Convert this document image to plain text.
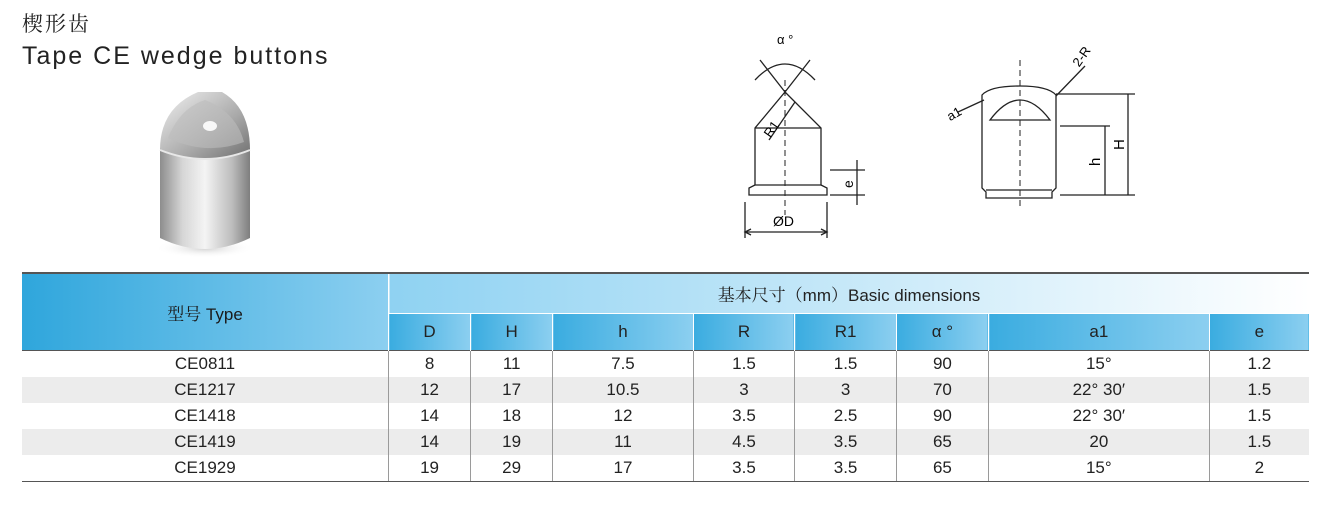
楔形齿
Tape CE wedge buttons
α °
R1
e
ØD
a1
2-R
h
H
型号 Type	基本尺寸（mm）Basic dimensions							
	D	H	h	R	R1	α °	a1	e
CE0811	8	11	7.5	1.5	1.5	90	15°	1.2
CE1217	12	17	10.5	3	3	70	22° 30′	1.5
CE1418	14	18	12	3.5	2.5	90	22° 30′	1.5
CE1419	14	19	11	4.5	3.5	65	20	1.5
CE1929	19	29	17	3.5	3.5	65	15°	2
